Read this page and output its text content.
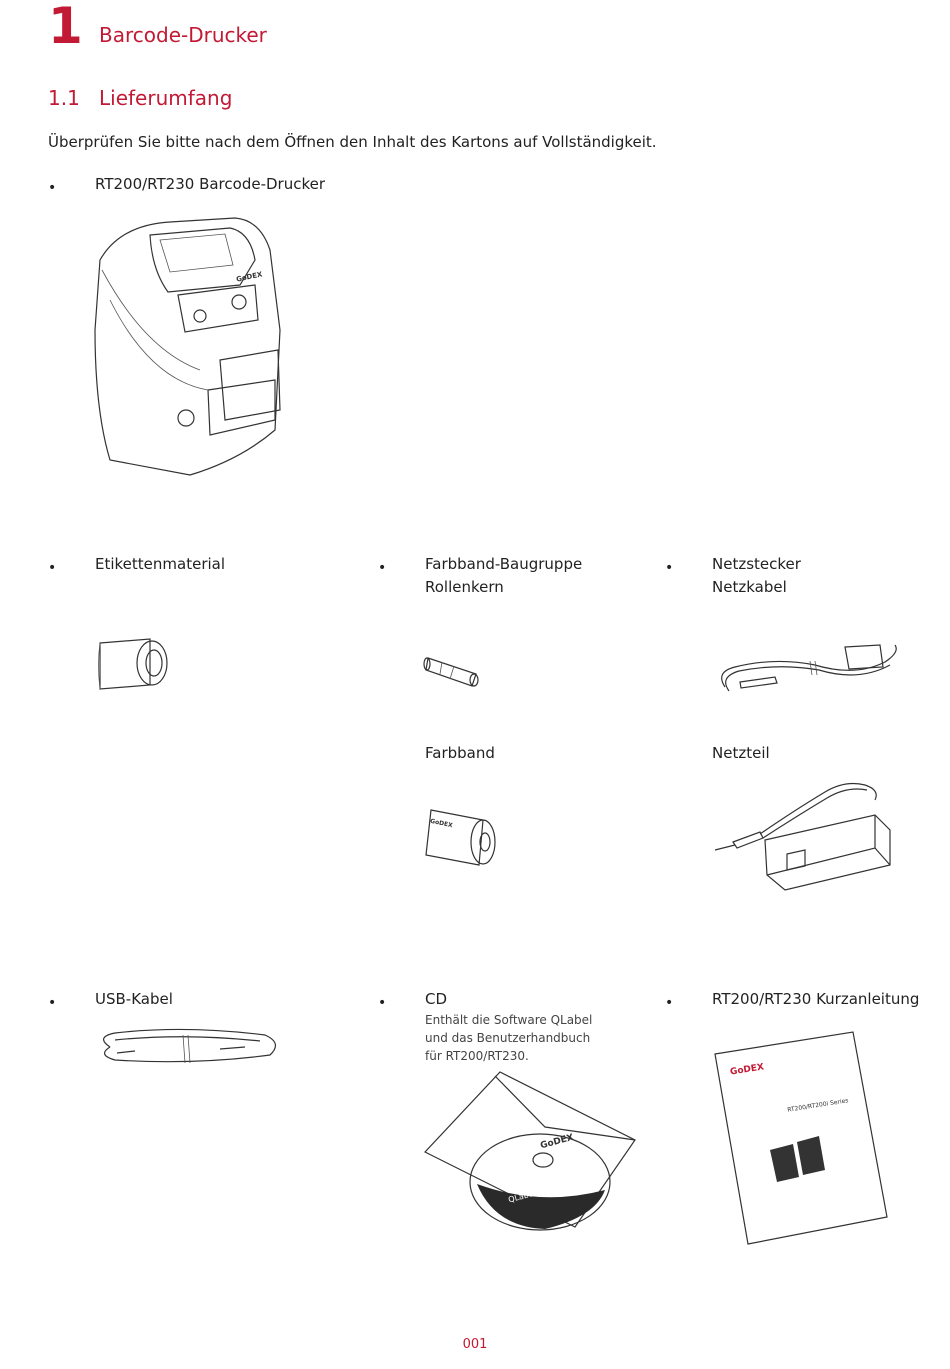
1 Barcode-Drucker
1.1 Lieferumfang
Überprüfen Sie bitte nach dem Öffnen den Inhalt des Kartons auf Vollständigkeit.
•	RT200/RT230 Barcode-Drucker
GoDEX
•	Etikettenmaterial	•	Farbband-Baugruppe
Rollenkern
•	Netzstecker
Netzkabel
Farbband	Netzteil
GoDEX
•	USB-Kabel	•	CD
Enthält die Software QLabel
und das Benutzerhandbuch
für RT200/RT230.
•	RT200/RT230 Kurzanleitung
GoDEX
QLabel
GoDEX
RT200/RT200i Series
001
